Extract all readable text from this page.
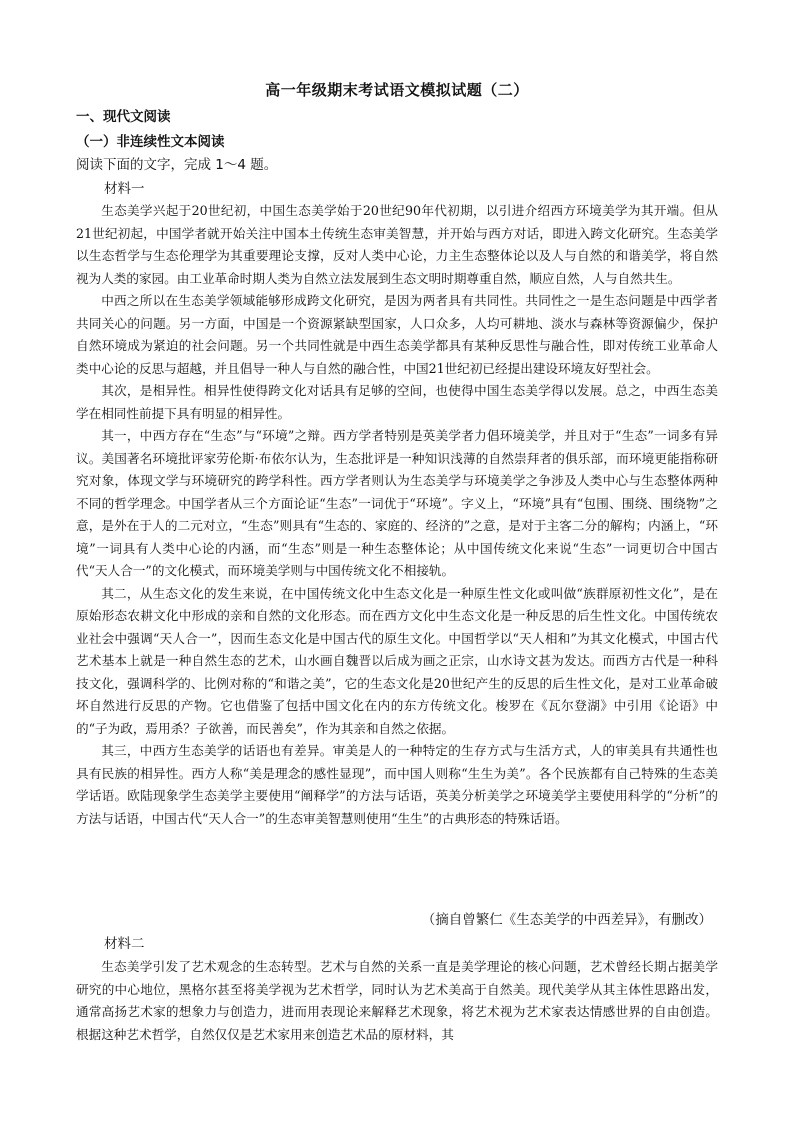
高一年级期末考试语文模拟试题（二）
一、现代文阅读
（一）非连续性文本阅读
阅读下面的文字，完成 1～4 题。
材料一

生态美学兴起于20世纪初，中国生态美学始于20世纪90年代初期，以引进介绍西方环境美学为其开端。但从21世纪初起，中国学者就开始关注中国本土传统生态审美智慧，并开始与西方对话，即进入跨文化研究。生态美学以生态哲学与生态伦理学为其重要理论支撑，反对人类中心论，力主生态整体论以及人与自然的和谐美学，将自然视为人类的家园。由工业革命时期人类为自然立法发展到生态文明时期尊重自然，顺应自然，人与自然共生。

中西之所以在生态美学领域能够形成跨文化研究，是因为两者具有共同性。共同性之一是生态问题是中西学者共同关心的问题。另一方面，中国是一个资源紧缺型国家，人口众多，人均可耕地、淡水与森林等资源偏少，保护自然环境成为紧迫的社会问题。另一个共同性就是中西生态美学都具有某种反思性与融合性，即对传统工业革命人类中心论的反思与超越，并且倡导一种人与自然的融合性，中国21世纪初已经提出建设环境友好型社会。

其次，是相异性。相异性使得跨文化对话具有足够的空间，也使得中国生态美学得以发展。总之，中西生态美学在相同性前提下具有明显的相异性。

其一，中西方存在“生态”与“环境”之辩。西方学者特别是英美学者力倡环境美学，并且对于“生态”一词多有异议。美国著名环境批评家劳伦斯·布依尔认为，生态批评是一种知识浅薄的自然崇拜者的俱乐部，而环境更能指称研究对象，体现文学与环境研究的跨学科性。西方学者则认为生态美学与环境美学之争涉及人类中心与生态整体两种不同的哲学理念。中国学者从三个方面论证“生态”一词优于“环境”。字义上，“环境”具有“包围、围绕、围绕物”之意，是外在于人的二元对立，“生态”则具有“生态的、家庭的、经济的”之意，是对于主客二分的解构；内涵上，“环境”一词具有人类中心论的内涵，而“生态”则是一种生态整体论；从中国传统文化来说“生态”一词更切合中国古代“天人合一”的文化模式，而环境美学则与中国传统文化不相接轨。

其二，从生态文化的发生来说，在中国传统文化中生态文化是一种原生性文化或叫做“族群原初性文化”，是在原始形态农耕文化中形成的亲和自然的文化形态。而在西方文化中生态文化是一种反思的后生性文化。中国传统农业社会中强调“天人合一”，因而生态文化是中国古代的原生文化。中国哲学以“天人相和”为其文化模式，中国古代艺术基本上就是一种自然生态的艺术，山水画自魏晋以后成为画之正宗，山水诗文甚为发达。而西方古代是一种科技文化，强调科学的、比例对称的“和谐之美”，它的生态文化是20世纪产生的反思的后生性文化，是对工业革命破坏自然进行反思的产物。它也借鉴了包括中国文化在内的东方传统文化。梭罗在《瓦尔登湖》中引用《论语》中的“子为政，焉用杀？子欲善，而民善矣”，作为其亲和自然之依据。

其三，中西方生态美学的话语也有差异。审美是人的一种特定的生存方式与生活方式，人的审美具有共通性也具有民族的相异性。西方人称“美是理念的感性显现”，而中国人则称“生生为美”。各个民族都有自己特殊的生态美学话语。欧陆现象学生态美学主要使用“阐释学”的方法与话语，英美分析美学之环境美学主要使用科学的“分析”的方法与话语，中国古代“天人合一”的生态审美智慧则使用“生生”的古典形态的特殊话语。

（摘自曾繁仁《生态美学的中西差异》，有删改）
材料二

生态美学引发了艺术观念的生态转型。艺术与自然的关系一直是美学理论的核心问题，艺术曾经长期占据美学研究的中心地位，黑格尔甚至将美学视为艺术哲学，同时认为艺术美高于自然美。现代美学从其主体性思路出发，通常高扬艺术家的想象力与创造力，进而用表现论来解释艺术现象，将艺术视为艺术家表达情感世界的自由创造。根据这种艺术哲学，自然仅仅是艺术家用来创造艺术品的原材料，其
